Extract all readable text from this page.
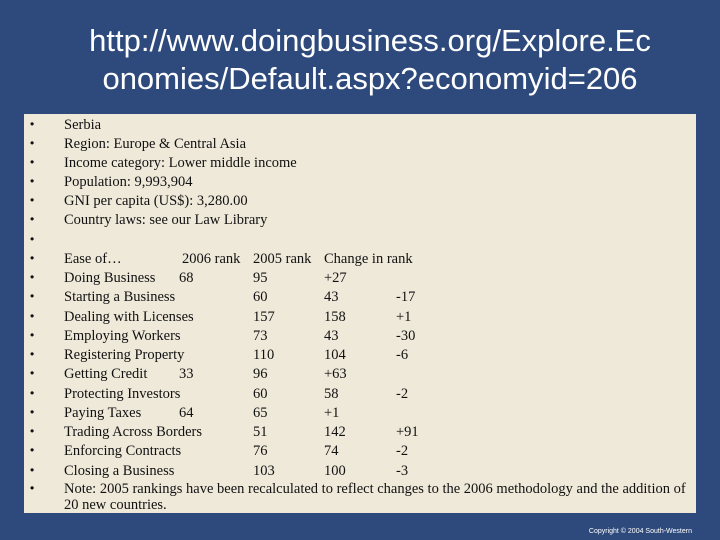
http://www.doingbusiness.org/Explore.Ec
onomies/Default.aspx?economyid=206
• Serbia
• Region: Europe & Central Asia
• Income category: Lower middle income
• Population: 9,993,904
• GNI per capita (US$): 3,280.00
• Country laws: see our Law Library
•
• Ease of…	2006 rank 2005 rank Change in rank
• Doing Business 68	95	+27
• Starting a Business	60	43	-17
• Dealing with Licenses	157	158	+1
• Employing Workers	73	43	-30
• Registering Property	110	104	-6
• Getting Credit 33	96	+63
• Protecting Investors	60	58	-2
• Paying Taxes	64	65	+1
• Trading Across Borders	51	142	+91
• Enforcing Contracts	76	74	-2
• Closing a Business	103	100	-3
• Note: 2005 rankings have been recalculated to reflect changes to the 2006 methodology and the addition of 20 new countries.
Copyright © 2004 South-Western
